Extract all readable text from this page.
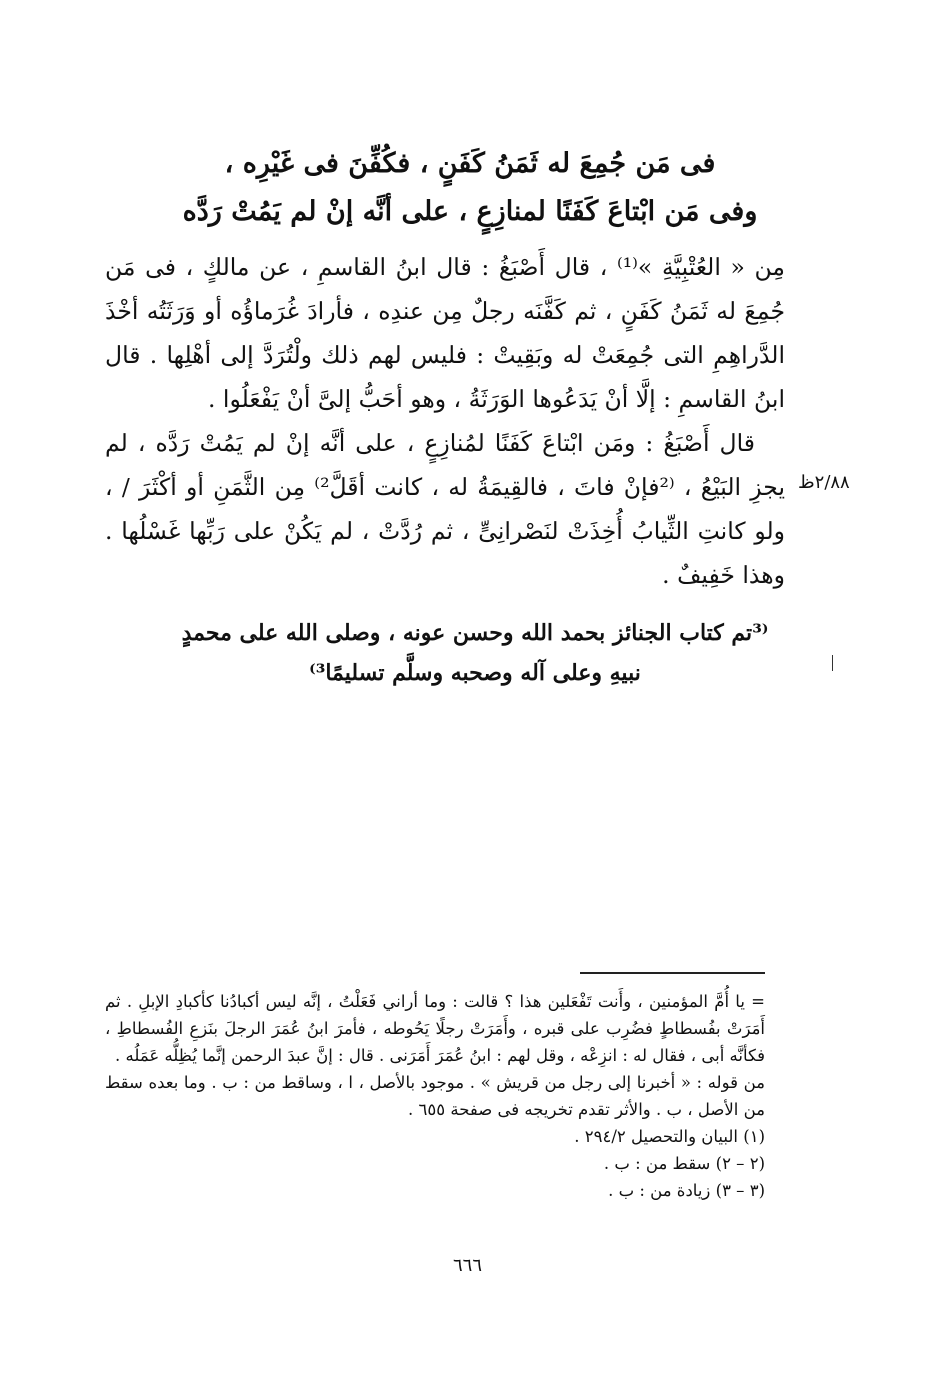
فى مَن جُمِعَ له ثَمَنُ كَفَنٍ ، فكُفِّنَ فى غَيْرِه ،
وفى مَن ابْتاعَ كَفَنًا لمنازِعٍ ، على أنَّه إنْ لم يَمُتْ رَدَّه

مِن « العُتْبِيَّةِ »⁽¹⁾ ، قال أَصْبَغُ : قال ابنُ القاسمِ ، عن مالكٍ ، فى مَن جُمِعَ له ثَمَنُ كَفَنٍ ، ثم كَفَّنَه رجلٌ مِن عندِه ، فأرادَ غُرَماؤُه أو وَرَثَتُه أخْذَ الدَّراهِمِ التى جُمِعَتْ له وبَقِيتْ : فليس لهم ذلك ولْتُرَدَّ إلى أهْلِها . قال ابنُ القاسمِ : إلَّا أنْ يَدَعُوها الوَرَثَةُ ، وهو أحَبُّ إلىَّ أنْ يَفْعَلُوا .

قال أَصْبَغُ : ومَن ابْتاعَ كَفَنًا لمُنازِعٍ ، على أنَّه إنْ لم يَمُتْ رَدَّه ، لم يجزِ البَيْعُ ، ⁽²فإنْ فاتَ ، فالقِيمَةُ له ، كانت أقَلَّ²⁾ مِن الثَّمَنِ أو أكْثَرَ / ، ولو كانتِ الثِّيابُ أُخِذَتْ لنَصْرانِىٍّ ، ثم رُدَّتْ ، لم يَكُنْ على رَبِّها غَسْلُها . وهذا خَفِيفٌ .

٢/٨٨ظ
⁽³تم كتاب الجنائز بحمد الله وحسن عونه ، وصلى الله على محمدٍ
نبيهِ وعلى آله وصحبه وسلَّم تسليمًا³⁾

= يا أُمَّ المؤمنين ، وأَنت تَفْعَلين هذا ؟ قالت : وما أراني فَعَلْتُ ، إنَّه ليس أكبادُنا كأكبادِ الإبلِ . ثم أَمَرَتْ بفُسطاطٍ فضُرِب على قبره ، وأَمَرَتْ رجلًا يَحُوطه ، فأمرَ ابنُ عُمَرَ الرجلَ بنَزعِ الفُسطاطِ ، فكأنَّه أبى ، فقال له : انزِعْه ، وقل لهم : ابنُ عُمَرَ أَمَرَنى . قال : إنَّ عبدَ الرحمن إنَّما يُظِلُّه عَمَلُه .

من قوله : « أخبرنا إلى رجل من قريش » . موجود بالأصل ، ا ، وساقط من : ب . وما بعده سقط من الأصل ، ب . والأثر تقدم تخريجه فى صفحة ٦٥٥ .

(١) البيان والتحصيل ٢٩٤/٢ .

(٢ – ٢) سقط من : ب .

(٣ – ٣) زيادة من : ب .

٦٦٦
